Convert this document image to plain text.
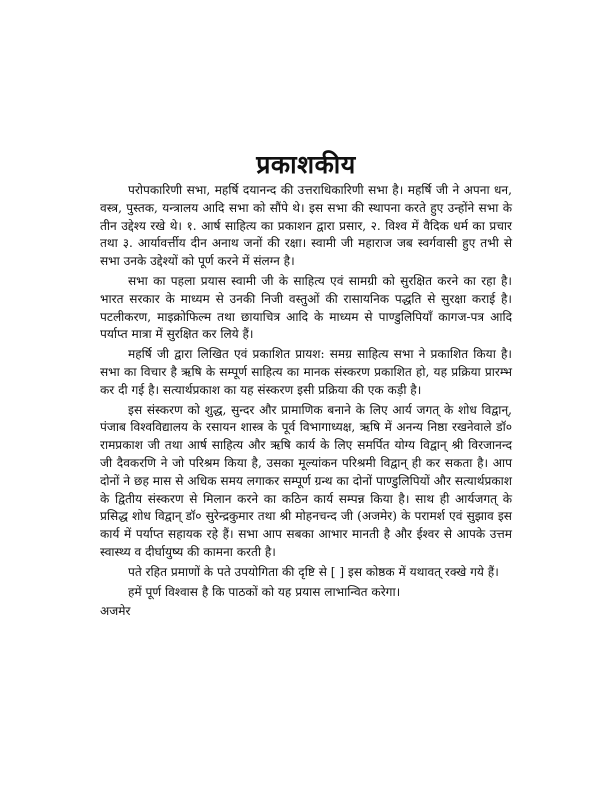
प्रकाशकीय

परोपकारिणी सभा, महर्षि दयानन्द की उत्तराधिकारिणी सभा है। महर्षि जी ने अपना धन, वस्त्र, पुस्तक, यन्त्रालय आदि सभा को सौंपे थे। इस सभा की स्थापना करते हुए उन्होंने सभा के तीन उद्देश्य रखे थे। १. आर्ष साहित्य का प्रकाशन द्वारा प्रसार, २. विश्व में वैदिक धर्म का प्रचार तथा ३. आर्यावर्त्तीय दीन अनाथ जनों की रक्षा। स्वामी जी महाराज जब स्वर्गवासी हुए तभी से सभा उनके उद्देश्यों को पूर्ण करने में संलग्न है।

सभा का पहला प्रयास स्वामी जी के साहित्य एवं सामग्री को सुरक्षित करने का रहा है। भारत सरकार के माध्यम से उनकी निजी वस्तुओं की रासायनिक पद्धति से सुरक्षा कराई है। पटलीकरण, माइक्रोफिल्म तथा छायाचित्र आदि के माध्यम से पाण्डुलिपियाँ कागज-पत्र आदि पर्याप्त मात्रा में सुरक्षित कर लिये हैं।

महर्षि जी द्वारा लिखित एवं प्रकाशित प्रायश: समग्र साहित्य सभा ने प्रकाशित किया है। सभा का विचार है ऋषि के सम्पूर्ण साहित्य का मानक संस्करण प्रकाशित हो, यह प्रक्रिया प्रारम्भ कर दी गई है। सत्यार्थप्रकाश का यह संस्करण इसी प्रक्रिया की एक कड़ी है।

इस संस्करण को शुद्ध, सुन्दर और प्रामाणिक बनाने के लिए आर्य जगत् के शोध विद्वान्, पंजाब विश्वविद्यालय के रसायन शास्त्र के पूर्व विभागाध्यक्ष, ऋषि में अनन्य निष्ठा रखनेवाले डॉ० रामप्रकाश जी तथा आर्ष साहित्य और ऋषि कार्य के लिए समर्पित योग्य विद्वान् श्री विरजानन्द जी दैवकरणि ने जो परिश्रम किया है, उसका मूल्यांकन परिश्रमी विद्वान् ही कर सकता है। आप दोनों ने छह मास से अधिक समय लगाकर सम्पूर्ण ग्रन्थ का दोनों पाण्डुलिपियों और सत्यार्थप्रकाश के द्वितीय संस्करण से मिलान करने का कठिन कार्य सम्पन्न किया है। साथ ही आर्यजगत् के प्रसिद्ध शोध विद्वान् डॉ० सुरेन्द्रकुमार तथा श्री मोहनचन्द जी (अजमेर) के परामर्श एवं सुझाव इस कार्य में पर्याप्त सहायक रहे हैं। सभा आप सबका आभार मानती है और ईश्वर से आपके उत्तम स्वास्थ्य व दीर्घायुष्य की कामना करती है।

पते रहित प्रमाणों के पते उपयोगिता की दृष्टि से [ ] इस कोष्ठक में यथावत् रक्खे गये हैं।

हमें पूर्ण विश्वास है कि पाठकों को यह प्रयास लाभान्वित करेगा।

अजमेर
